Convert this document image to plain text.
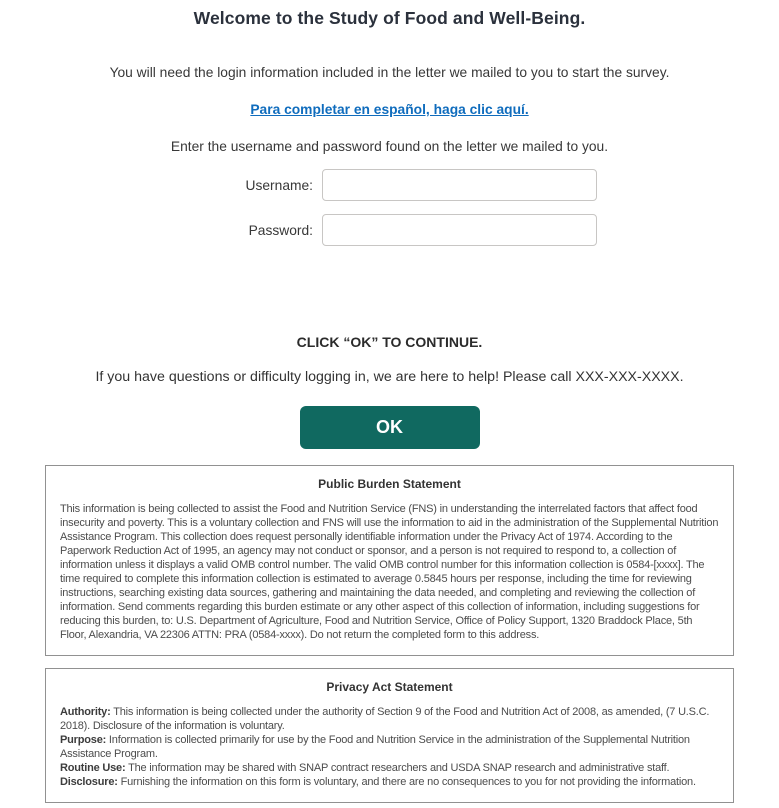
Welcome to the Study of Food and Well-Being.

You will need the login information included in the letter we mailed to you to start the survey.

Para completar en español, haga clic aquí.

Enter the username and password found on the letter we mailed to you.

Username:
Password:

CLICK “OK” TO CONTINUE.

If you have questions or difficulty logging in, we are here to help! Please call XXX-XXX-XXXX.

OK
Public Burden Statement

This information is being collected to assist the Food and Nutrition Service (FNS) in understanding the interrelated factors that affect food insecurity and poverty. This is a voluntary collection and FNS will use the information to aid in the administration of the Supplemental Nutrition Assistance Program. This collection does request personally identifiable information under the Privacy Act of 1974. According to the Paperwork Reduction Act of 1995, an agency may not conduct or sponsor, and a person is not required to respond to, a collection of information unless it displays a valid OMB control number. The valid OMB control number for this information collection is 0584-[xxxx]. The time required to complete this information collection is estimated to average 0.5845 hours per response, including the time for reviewing instructions, searching existing data sources, gathering and maintaining the data needed, and completing and reviewing the collection of information. Send comments regarding this burden estimate or any other aspect of this collection of information, including suggestions for reducing this burden, to: U.S. Department of Agriculture, Food and Nutrition Service, Office of Policy Support, 1320 Braddock Place, 5th Floor, Alexandria, VA 22306 ATTN: PRA (0584-xxxx). Do not return the completed form to this address.

Privacy Act Statement
Authority: This information is being collected under the authority of Section 9 of the Food and Nutrition Act of 2008, as amended, (7 U.S.C. 2018). Disclosure of the information is voluntary.
Purpose: Information is collected primarily for use by the Food and Nutrition Service in the administration of the Supplemental Nutrition Assistance Program.
Routine Use: The information may be shared with SNAP contract researchers and USDA SNAP research and administrative staff.
Disclosure: Furnishing the information on this form is voluntary, and there are no consequences to you for not providing the information.
